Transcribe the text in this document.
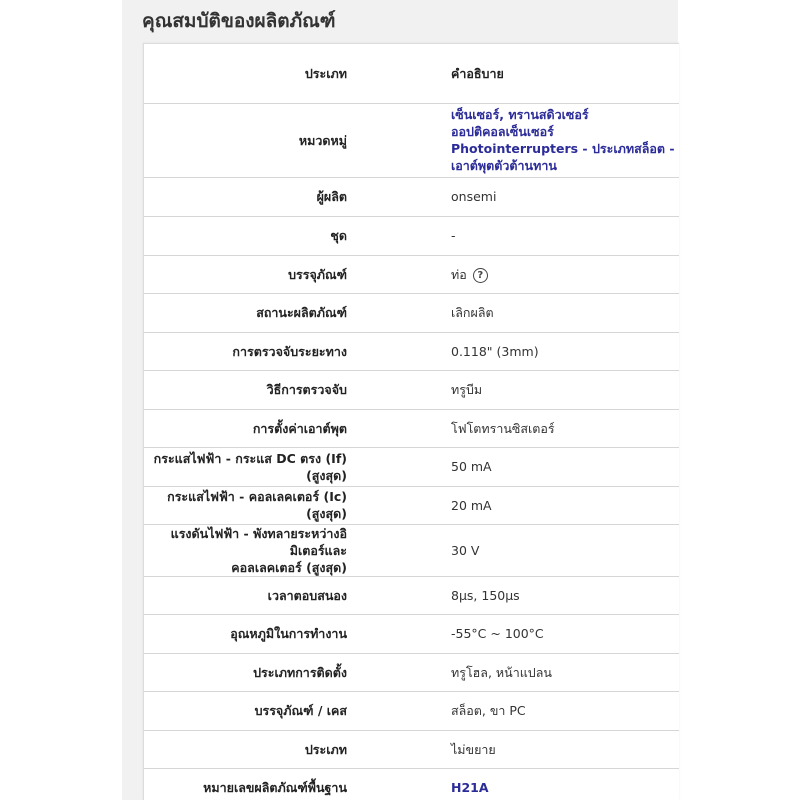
คุณสมบัติของผลิตภัณฑ์
ประเภท	คำอธิบาย

หมวดหมู่	เซ็นเซอร์, ทรานสดิวเซอร์
ออปติคอลเซ็นเซอร์
Photointerrupters - ประเภทสล็อต -
เอาต์พุตตัวต้านทาน

ผู้ผลิต	onsemi

ชุด	-

บรรจุภัณฑ์	ท่อ ?

สถานะผลิตภัณฑ์	เลิกผลิต

การตรวจจับระยะทาง	0.118" (3mm)

วิธีการตรวจจับ	ทรูบีม

การตั้งค่าเอาต์พุต	โฟโตทรานซิสเตอร์

กระแสไฟฟ้า - กระแส DC ตรง (If) (สูงสุด)	50 mA

กระแสไฟฟ้า - คอลเลคเตอร์ (Ic) (สูงสุด)	20 mA

แรงดันไฟฟ้า - พังทลายระหว่างอิมิเตอร์และ
คอลเลคเตอร์ (สูงสุด)	30 V

เวลาตอบสนอง	8µs, 150µs

อุณหภูมิในการทำงาน	-55°C ~ 100°C

ประเภทการติดตั้ง	ทรูโฮล, หน้าแปลน

บรรจุภัณฑ์ / เคส	สล็อต, ขา PC

ประเภท	ไม่ขยาย

หมายเลขผลิตภัณฑ์พื้นฐาน	H21A
